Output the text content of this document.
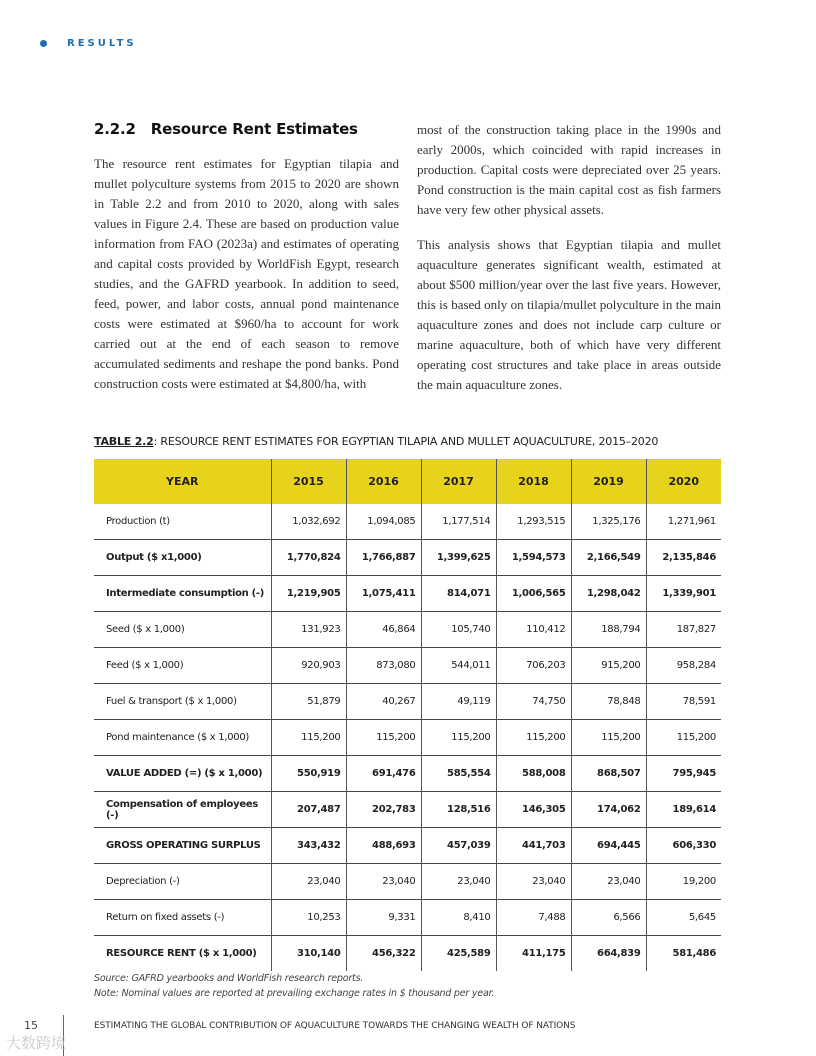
RESULTS
2.2.2 Resource Rent Estimates

The resource rent estimates for Egyptian tilapia and mullet polyculture systems from 2015 to 2020 are shown in Table 2.2 and from 2010 to 2020, along with sales values in Figure 2.4. These are based on production value information from FAO (2023a) and estimates of operating and capital costs provided by WorldFish Egypt, research studies, and the GAFRD yearbook. In addition to seed, feed, power, and labor costs, annual pond maintenance costs were estimated at $960/ha to account for work carried out at the end of each season to remove accumulated sediments and reshape the pond banks. Pond construction costs were estimated at $4,800/ha, with

most of the construction taking place in the 1990s and early 2000s, which coincided with rapid increases in production. Capital costs were depreciated over 25 years. Pond construction is the main capital cost as fish farmers have very few other physical assets.

This analysis shows that Egyptian tilapia and mullet aquaculture generates significant wealth, estimated at about $500 million/year over the last five years. However, this is based only on tilapia/mullet polyculture in the main aquaculture zones and does not include carp culture or marine aquaculture, both of which have very different operating cost structures and take place in areas outside the main aquaculture zones.

TABLE 2.2: RESOURCE RENT ESTIMATES FOR EGYPTIAN TILAPIA AND MULLET AQUACULTURE, 2015–2020
YEAR	2015	2016	2017	2018	2019	2020
Production (t)	1,032,692	1,094,085	1,177,514	1,293,515	1,325,176	1,271,961
Output ($ x1,000)	1,770,824	1,766,887	1,399,625	1,594,573	2,166,549	2,135,846
Intermediate consumption (-)	1,219,905	1,075,411	814,071	1,006,565	1,298,042	1,339,901
Seed ($ x 1,000)	131,923	46,864	105,740	110,412	188,794	187,827
Feed ($ x 1,000)	920,903	873,080	544,011	706,203	915,200	958,284
Fuel & transport ($ x 1,000)	51,879	40,267	49,119	74,750	78,848	78,591
Pond maintenance ($ x 1,000)	115,200	115,200	115,200	115,200	115,200	115,200
VALUE ADDED (=) ($ x 1,000)	550,919	691,476	585,554	588,008	868,507	795,945
Compensation of employees (-)	207,487	202,783	128,516	146,305	174,062	189,614
GROSS OPERATING SURPLUS	343,432	488,693	457,039	441,703	694,445	606,330
Depreciation (-)	23,040	23,040	23,040	23,040	23,040	19,200
Return on fixed assets (-)	10,253	9,331	8,410	7,488	6,566	5,645
RESOURCE RENT ($ x 1,000)	310,140	456,322	425,589	411,175	664,839	581,486
Source: GAFRD yearbooks and WorldFish research reports.
Note: Nominal values are reported at prevailing exchange rates in $ thousand per year.
15	ESTIMATING THE GLOBAL CONTRIBUTION OF AQUACULTURE TOWARDS THE CHANGING WEALTH OF NATIONS
大数跨境
